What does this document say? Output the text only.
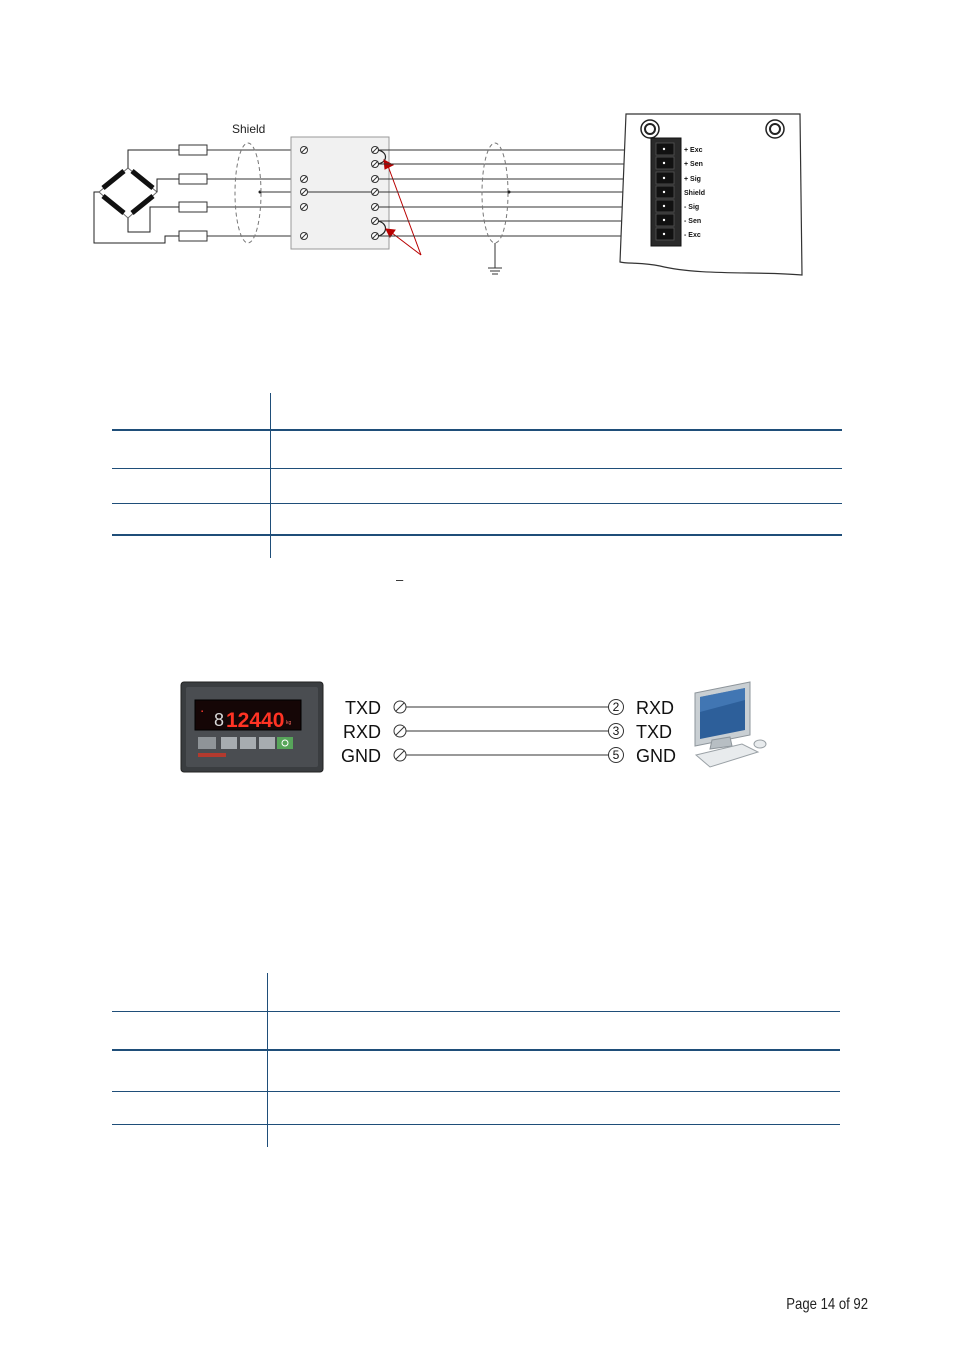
Shield
+ Exc
+ Sen
+ Sig
Shield
- Sig
- Sen
- Exc
–
▪ 8 12440 kg
2
3
5
TXD
RXD
GND
RXD
TXD
GND
Page 14 of 92
